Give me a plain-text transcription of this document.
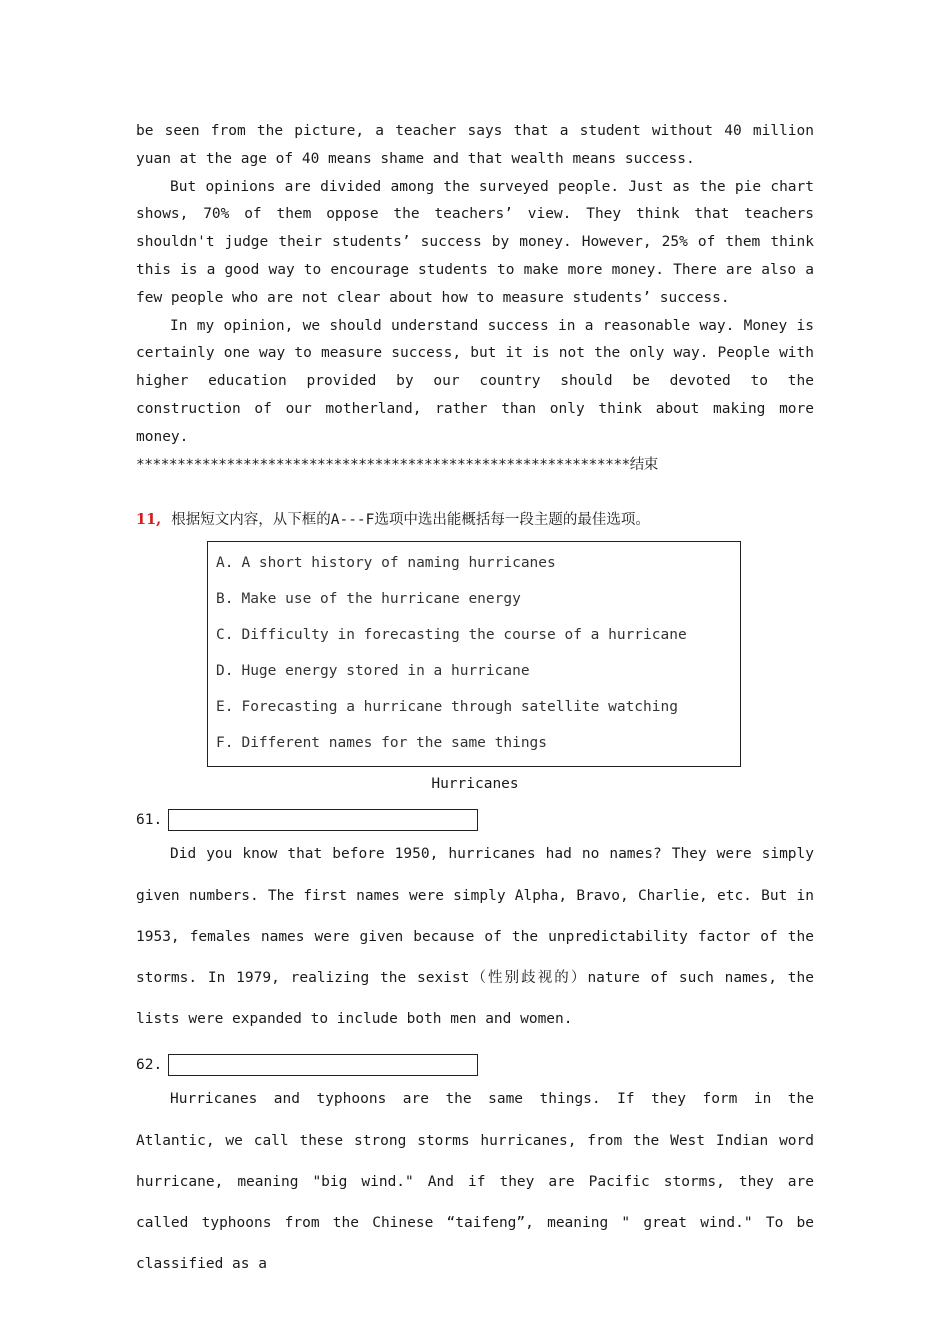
be seen from the picture, a teacher says that a student without 40 million yuan at the age of 40 means shame and that wealth means success.

But opinions are divided among the surveyed people. Just as the pie chart shows, 70% of them oppose the teachers’ view. They think that teachers shouldn't judge their students’ success by money. However, 25% of them think this is a good way to encourage students to make more money. There are also a few people who are not clear about how to measure students’ success.

In my opinion, we should understand success in a reasonable way. Money is certainly one way to measure success, but it is not the only way. People with higher education provided by our country should be devoted to the construction of our motherland, rather than only think about making more money.

************************************************************结束

11, 根据短文内容，从下框的A---F选项中选出能概括每一段主题的最佳选项。
A. A short history of naming hurricanes
B. Make use of the hurricane energy
C. Difficulty in forecasting the course of a hurricane
D. Huge energy stored in a hurricane
E. Forecasting a hurricane through satellite watching
F. Different names for the same things
Hurricanes
61.

Did you know that before 1950, hurricanes had no names? They were simply given numbers. The first names were simply Alpha, Bravo, Charlie, etc. But in 1953, females names were given because of the unpredictability factor of the storms. In 1979, realizing the sexist（性别歧视的）nature of such names, the lists were expanded to include both men and women.

62.

Hurricanes and typhoons are the same things. If they form in the Atlantic, we call these strong storms hurricanes, from the West Indian word hurricane, meaning "big wind." And if they are Pacific storms, they are called typhoons from the Chinese “taifeng”, meaning " great wind." To be classified as a
